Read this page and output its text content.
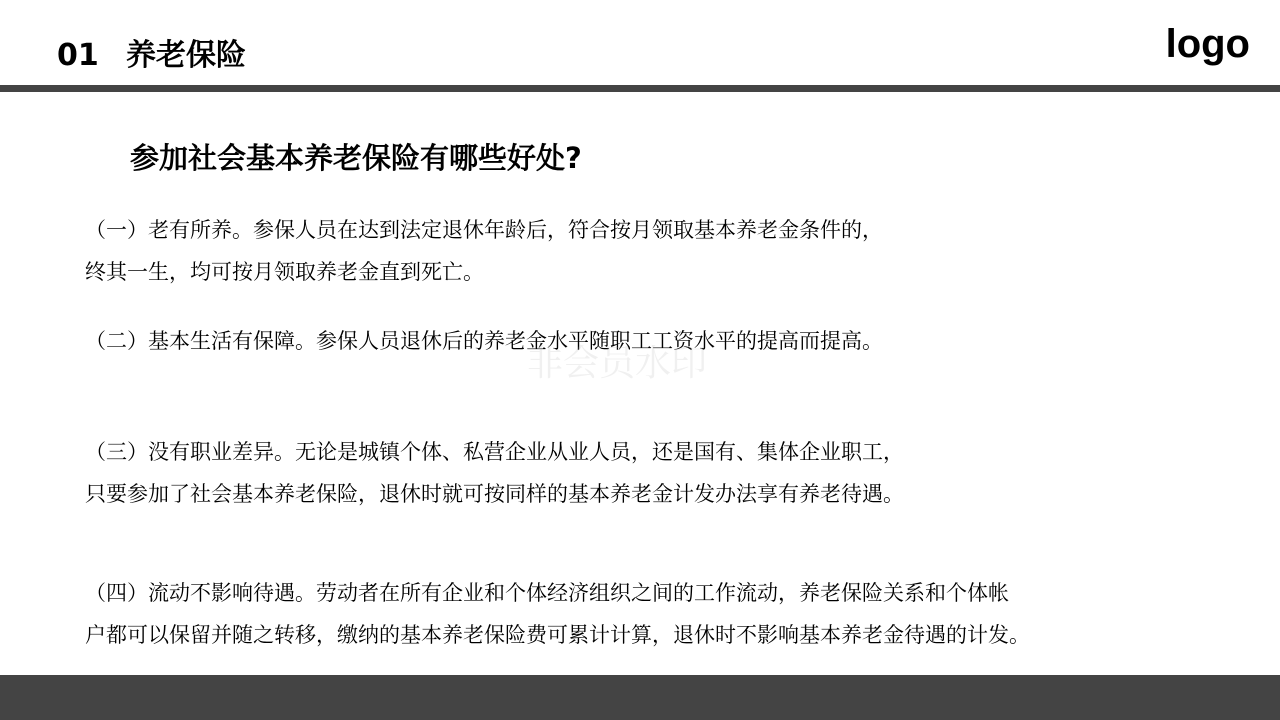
01 养老保险	logo
参加社会基本养老保险有哪些好处?
（一）老有所养。参保人员在达到法定退休年龄后，符合按月领取基本养老金条件的，
终其一生，均可按月领取养老金直到死亡。
（二）基本生活有保障。参保人员退休后的养老金水平随职工工资水平的提高而提高。
非会员水印
（三）没有职业差异。无论是城镇个体、私营企业从业人员，还是国有、集体企业职工，
只要参加了社会基本养老保险，退休时就可按同样的基本养老金计发办法享有养老待遇。
（四）流动不影响待遇。劳动者在所有企业和个体经济组织之间的工作流动，养老保险关系和个体帐
户都可以保留并随之转移，缴纳的基本养老保险费可累计计算，退休时不影响基本养老金待遇的计发。
